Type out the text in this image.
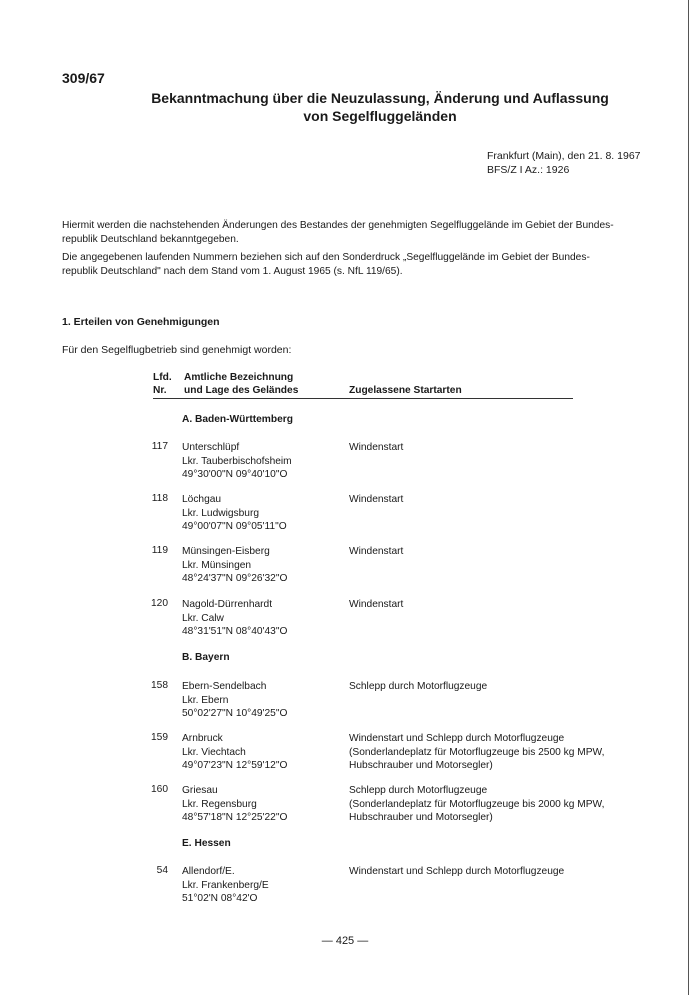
309/67
Bekanntmachung über die Neuzulassung, Änderung und Auflassung
von Segelfluggeländen
Frankfurt (Main), den 21. 8. 1967
BFS/Z I Az.: 1926
Hiermit werden die nachstehenden Änderungen des Bestandes der genehmigten Segelfluggelände im Gebiet der Bundes-
republik Deutschland bekanntgegeben.
Die angegebenen laufenden Nummern beziehen sich auf den Sonderdruck „Segelfluggelände im Gebiet der Bundes-
republik Deutschland" nach dem Stand vom 1. August 1965 (s. NfL 119/65).
1. Erteilen von Genehmigungen
Für den Segelflugbetrieb sind genehmigt worden:
Lfd.
Nr.
Amtliche Bezeichnung
und Lage des Geländes	Zugelassene Startarten
A. Baden-Württemberg
117 Unterschlüpf
Lkr. Tauberbischofsheim
49°30'00"N 09°40'10"O
Windenstart
118 Löchgau
Lkr. Ludwigsburg
49°00'07"N 09°05'11"O
Windenstart
119 Münsingen-Eisberg
Lkr. Münsingen
48°24'37"N 09°26'32"O
Windenstart
120 Nagold-Dürrenhardt
Lkr. Calw
48°31'51"N 08°40'43"O
Windenstart
B. Bayern
158 Ebern-Sendelbach
Lkr. Ebern
50°02'27"N 10°49'25"O
Schlepp durch Motorflugzeuge
159 Arnbruck
Lkr. Viechtach
49°07'23"N 12°59'12"O
Windenstart und Schlepp durch Motorflugzeuge
(Sonderlandeplatz für Motorflugzeuge bis 2500 kg MPW,
Hubschrauber und Motorsegler)
160 Griesau
Lkr. Regensburg
48°57'18"N 12°25'22"O
Schlepp durch Motorflugzeuge
(Sonderlandeplatz für Motorflugzeuge bis 2000 kg MPW,
Hubschrauber und Motorsegler)
E. Hessen
54 Allendorf/E.
Lkr. Frankenberg/E
51°02'N 08°42'O
Windenstart und Schlepp durch Motorflugzeuge
— 425 —
